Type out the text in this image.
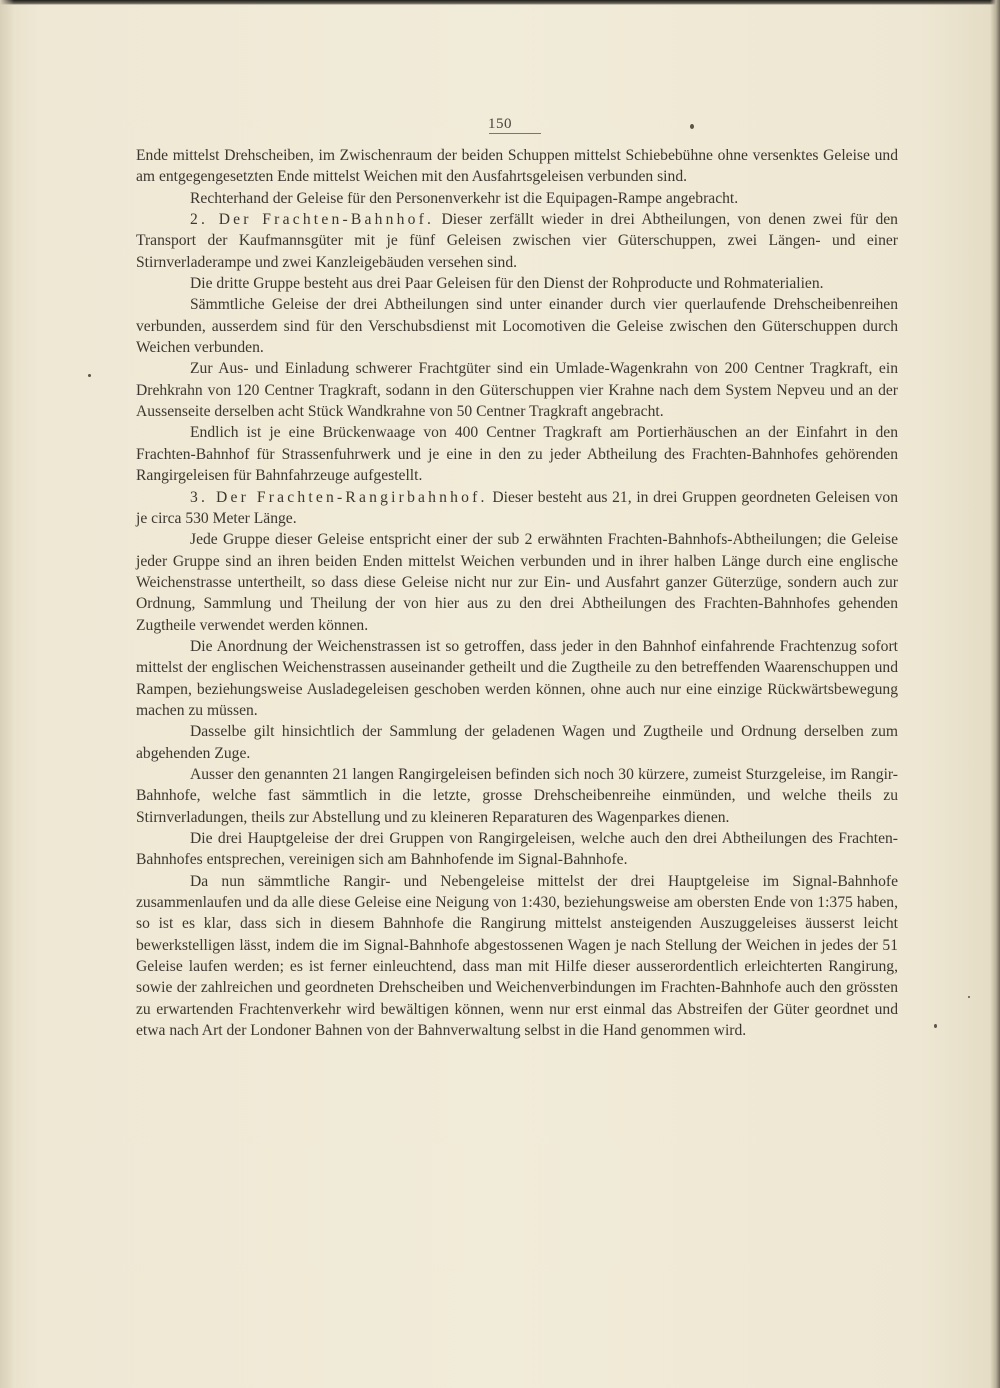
150

Ende mittelst Drehscheiben, im Zwischenraum der beiden Schuppen mittelst Schiebebühne ohne versenktes Geleise und am entgegengesetzten Ende mittelst Weichen mit den Ausfahrtsgeleisen verbunden sind.

Rechterhand der Geleise für den Personenverkehr ist die Equipagen-Rampe angebracht.

2. Der Frachten-Bahnhof. Dieser zerfällt wieder in drei Abtheilungen, von denen zwei für den Transport der Kaufmannsgüter mit je fünf Geleisen zwischen vier Güterschuppen, zwei Längen- und einer Stirnverladerampe und zwei Kanzleigebäuden versehen sind.

Die dritte Gruppe besteht aus drei Paar Geleisen für den Dienst der Rohproducte und Rohmaterialien.

Sämmtliche Geleise der drei Abtheilungen sind unter einander durch vier querlaufende Drehscheibenreihen verbunden, ausserdem sind für den Verschubsdienst mit Locomotiven die Geleise zwischen den Güterschuppen durch Weichen verbunden.

Zur Aus- und Einladung schwerer Frachtgüter sind ein Umlade-Wagenkrahn von 200 Centner Tragkraft, ein Drehkrahn von 120 Centner Tragkraft, sodann in den Güterschuppen vier Krahne nach dem System Nepveu und an der Aussenseite derselben acht Stück Wandkrahne von 50 Centner Tragkraft angebracht.

Endlich ist je eine Brückenwaage von 400 Centner Tragkraft am Portierhäuschen an der Einfahrt in den Frachten-Bahnhof für Strassenfuhrwerk und je eine in den zu jeder Abtheilung des Frachten-Bahnhofes gehörenden Rangirgeleisen für Bahnfahrzeuge aufgestellt.

3. Der Frachten-Rangirbahnhof. Dieser besteht aus 21, in drei Gruppen geordneten Geleisen von je circa 530 Meter Länge.

Jede Gruppe dieser Geleise entspricht einer der sub 2 erwähnten Frachten-Bahnhofs-Abtheilungen; die Geleise jeder Gruppe sind an ihren beiden Enden mittelst Weichen verbunden und in ihrer halben Länge durch eine englische Weichenstrasse untertheilt, so dass diese Geleise nicht nur zur Ein- und Ausfahrt ganzer Güterzüge, sondern auch zur Ordnung, Sammlung und Theilung der von hier aus zu den drei Abtheilungen des Frachten-Bahnhofes gehenden Zugtheile verwendet werden können.

Die Anordnung der Weichenstrassen ist so getroffen, dass jeder in den Bahnhof einfahrende Frachtenzug sofort mittelst der englischen Weichenstrassen auseinander getheilt und die Zugtheile zu den betreffenden Waarenschuppen und Rampen, beziehungsweise Ausladegeleisen geschoben werden können, ohne auch nur eine einzige Rückwärtsbewegung machen zu müssen.

Dasselbe gilt hinsichtlich der Sammlung der geladenen Wagen und Zugtheile und Ordnung derselben zum abgehenden Zuge.

Ausser den genannten 21 langen Rangirgeleisen befinden sich noch 30 kürzere, zumeist Sturzgeleise, im Rangir-Bahnhofe, welche fast sämmtlich in die letzte, grosse Drehscheibenreihe einmünden, und welche theils zu Stirnverladungen, theils zur Abstellung und zu kleineren Reparaturen des Wagenparkes dienen.

Die drei Hauptgeleise der drei Gruppen von Rangirgeleisen, welche auch den drei Abtheilungen des Frachten-Bahnhofes entsprechen, vereinigen sich am Bahnhofende im Signal-Bahnhofe.

Da nun sämmtliche Rangir- und Nebengeleise mittelst der drei Hauptgeleise im Signal-Bahnhofe zusammenlaufen und da alle diese Geleise eine Neigung von 1:430, beziehungsweise am obersten Ende von 1:375 haben, so ist es klar, dass sich in diesem Bahnhofe die Rangirung mittelst ansteigenden Auszuggeleises äusserst leicht bewerkstelligen lässt, indem die im Signal-Bahnhofe abgestossenen Wagen je nach Stellung der Weichen in jedes der 51 Geleise laufen werden; es ist ferner einleuchtend, dass man mit Hilfe dieser ausserordentlich erleichterten Rangirung, sowie der zahlreichen und geordneten Drehscheiben und Weichenverbindungen im Frachten-Bahnhofe auch den grössten zu erwartenden Frachtenverkehr wird bewältigen können, wenn nur erst einmal das Abstreifen der Güter geordnet und etwa nach Art der Londoner Bahnen von der Bahnverwaltung selbst in die Hand genommen wird.
